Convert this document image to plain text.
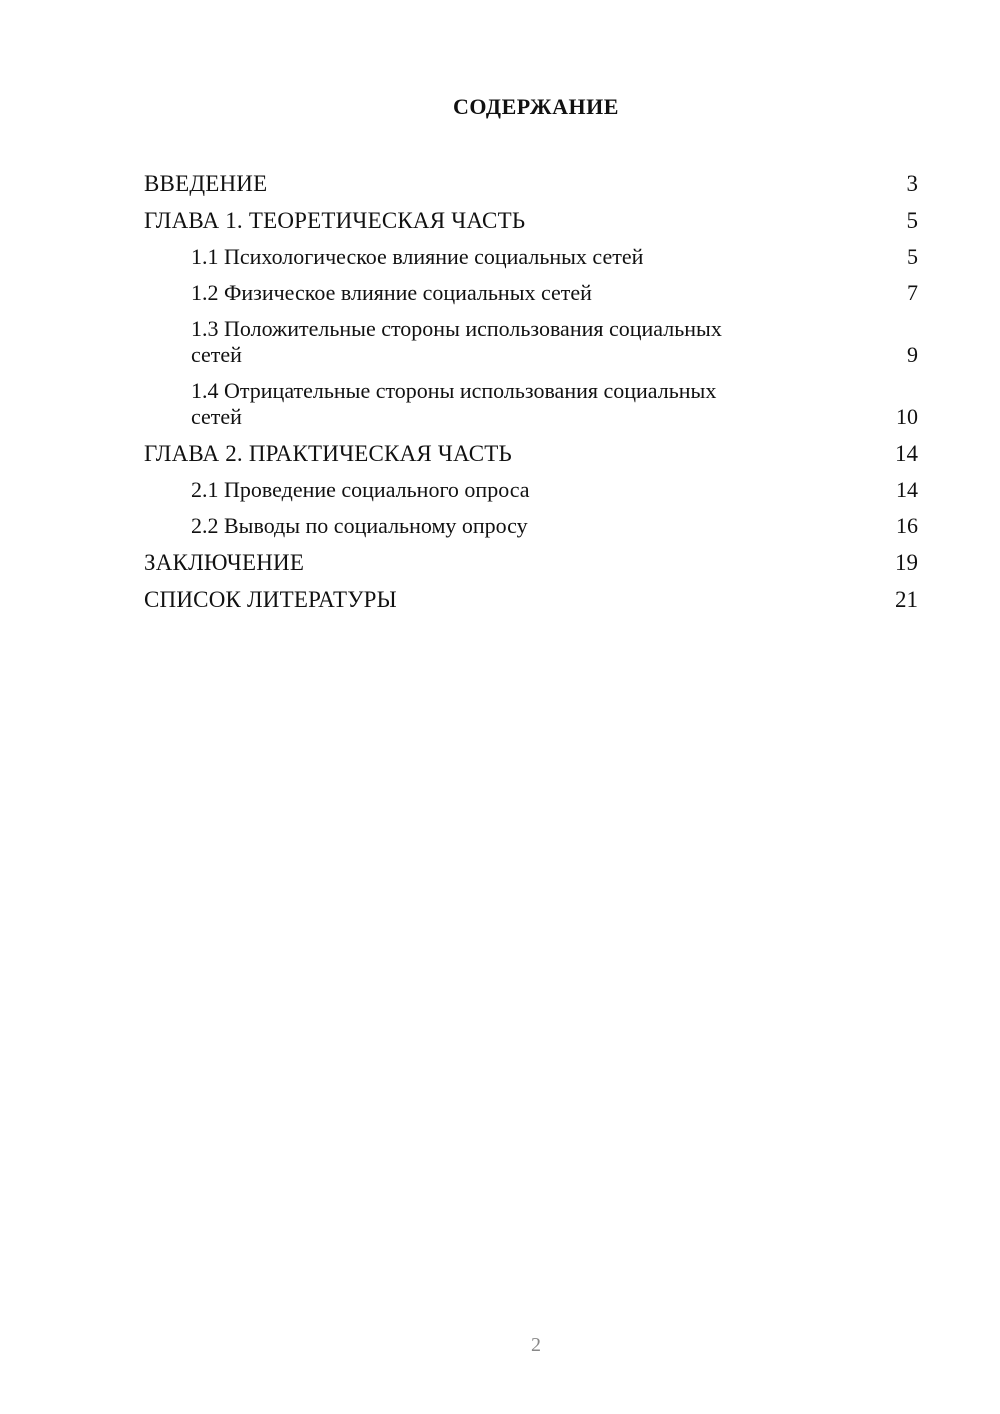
СОДЕРЖАНИЕ
ВВЕДЕНИЕ	3
ГЛАВА 1. ТЕОРЕТИЧЕСКАЯ ЧАСТЬ	5
1.1 Психологическое влияние социальных сетей	5
1.2 Физическое влияние социальных сетей	7
1.3 Положительные стороны использования социальных сетей	9
1.4 Отрицательные стороны использования социальных сетей	10
ГЛАВА 2. ПРАКТИЧЕСКАЯ ЧАСТЬ	14
2.1 Проведение социального опроса	14
2.2 Выводы по социальному опросу	16
ЗАКЛЮЧЕНИЕ	19
СПИСОК ЛИТЕРАТУРЫ	21
2
